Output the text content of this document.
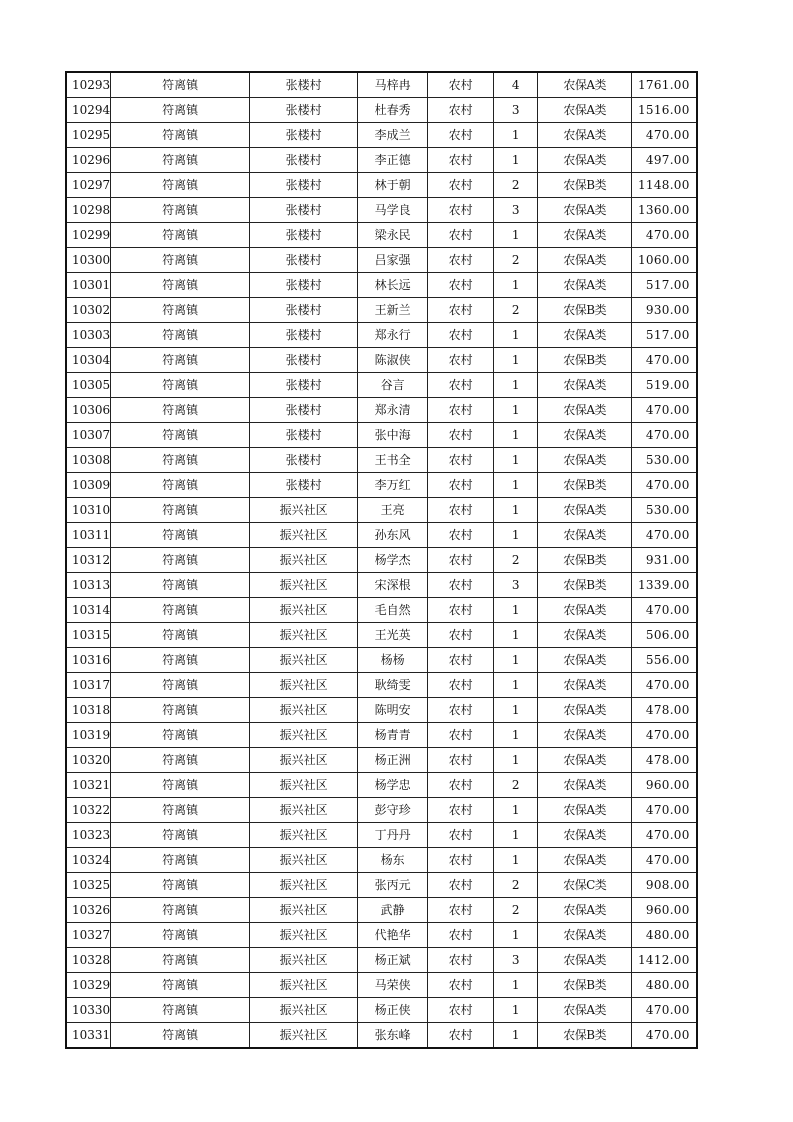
10293	符离镇	张楼村	马梓冉	农村	4	农保A类	1761.00
10294	符离镇	张楼村	杜春秀	农村	3	农保A类	1516.00
10295	符离镇	张楼村	李成兰	农村	1	农保A类	470.00
10296	符离镇	张楼村	李正德	农村	1	农保A类	497.00
10297	符离镇	张楼村	林于朝	农村	2	农保B类	1148.00
10298	符离镇	张楼村	马学良	农村	3	农保A类	1360.00
10299	符离镇	张楼村	梁永民	农村	1	农保A类	470.00
10300	符离镇	张楼村	吕家强	农村	2	农保A类	1060.00
10301	符离镇	张楼村	林长远	农村	1	农保A类	517.00
10302	符离镇	张楼村	王新兰	农村	2	农保B类	930.00
10303	符离镇	张楼村	郑永行	农村	1	农保A类	517.00
10304	符离镇	张楼村	陈淑侠	农村	1	农保B类	470.00
10305	符离镇	张楼村	谷言	农村	1	农保A类	519.00
10306	符离镇	张楼村	郑永清	农村	1	农保A类	470.00
10307	符离镇	张楼村	张中海	农村	1	农保A类	470.00
10308	符离镇	张楼村	王书全	农村	1	农保A类	530.00
10309	符离镇	张楼村	李万红	农村	1	农保B类	470.00
10310	符离镇	振兴社区	王亮	农村	1	农保A类	530.00
10311	符离镇	振兴社区	孙东风	农村	1	农保A类	470.00
10312	符离镇	振兴社区	杨学杰	农村	2	农保B类	931.00
10313	符离镇	振兴社区	宋深根	农村	3	农保B类	1339.00
10314	符离镇	振兴社区	毛自然	农村	1	农保A类	470.00
10315	符离镇	振兴社区	王光英	农村	1	农保A类	506.00
10316	符离镇	振兴社区	杨杨	农村	1	农保A类	556.00
10317	符离镇	振兴社区	耿绮雯	农村	1	农保A类	470.00
10318	符离镇	振兴社区	陈明安	农村	1	农保A类	478.00
10319	符离镇	振兴社区	杨青青	农村	1	农保A类	470.00
10320	符离镇	振兴社区	杨正洲	农村	1	农保A类	478.00
10321	符离镇	振兴社区	杨学忠	农村	2	农保A类	960.00
10322	符离镇	振兴社区	彭守珍	农村	1	农保A类	470.00
10323	符离镇	振兴社区	丁丹丹	农村	1	农保A类	470.00
10324	符离镇	振兴社区	杨东	农村	1	农保A类	470.00
10325	符离镇	振兴社区	张丙元	农村	2	农保C类	908.00
10326	符离镇	振兴社区	武静	农村	2	农保A类	960.00
10327	符离镇	振兴社区	代艳华	农村	1	农保A类	480.00
10328	符离镇	振兴社区	杨正斌	农村	3	农保A类	1412.00
10329	符离镇	振兴社区	马荣侠	农村	1	农保B类	480.00
10330	符离镇	振兴社区	杨正侠	农村	1	农保A类	470.00
10331	符离镇	振兴社区	张东峰	农村	1	农保B类	470.00
